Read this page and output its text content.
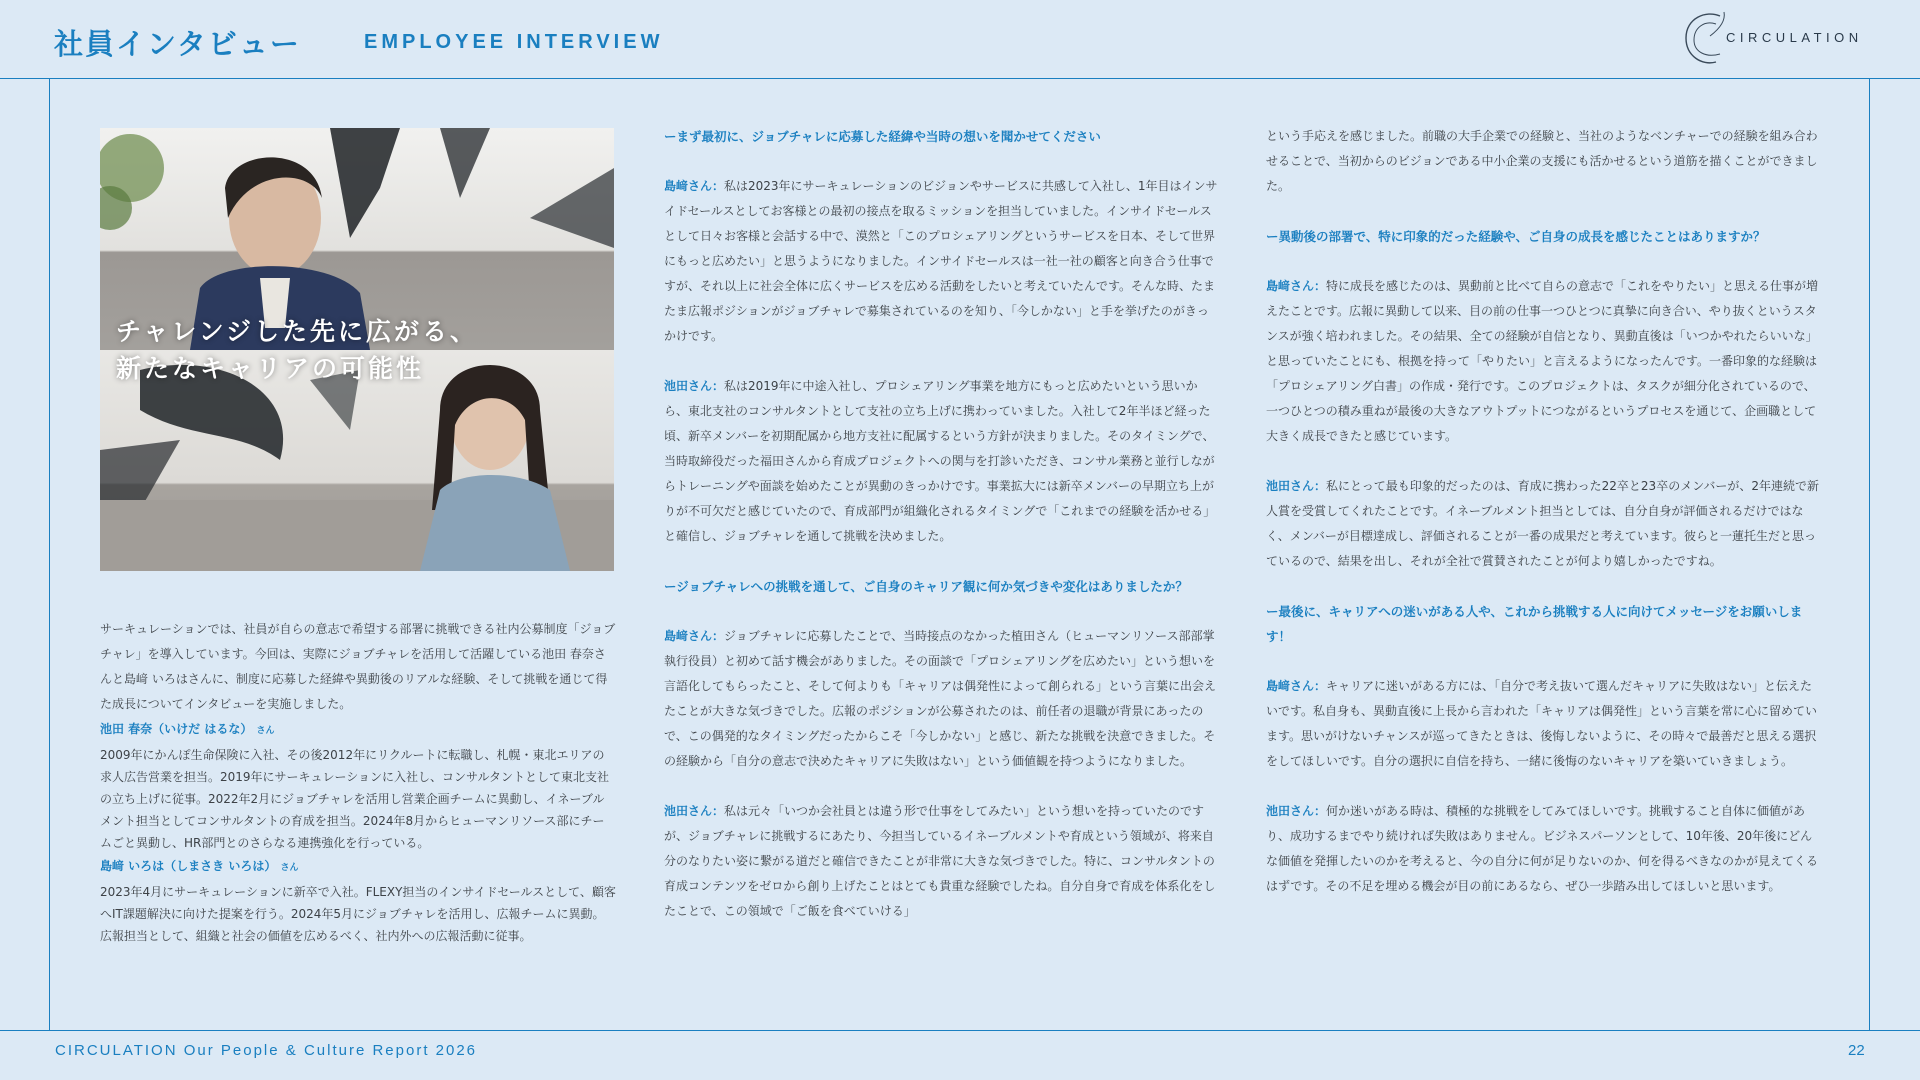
社員インタビュー	EMPLOYEE INTERVIEW	CIRCULATION
チャレンジした先に広がる、
新たなキャリアの可能性

サーキュレーションでは、社員が自らの意志で希望する部署に挑戦できる社内公募制度「ジョブチャレ」を導入しています。今回は、実際にジョブチャレを活用して活躍している池田 春奈さんと島﨑 いろはさんに、制度に応募した経緯や異動後のリアルな経験、そして挑戦を通じて得た成長についてインタビューを実施しました。

池田 春奈（いけだ はるな） さん

2009年にかんぽ生命保険に入社、その後2012年にリクルートに転職し、札幌・東北エリアの求人広告営業を担当。2019年にサーキュレーションに入社し、コンサルタントとして東北支社の立ち上げに従事。2022年2月にジョブチャレを活用し営業企画チームに異動し、イネーブルメント担当としてコンサルタントの育成を担当。2024年8月からヒューマンリソース部にチームごと異動し、HR部門とのさらなる連携強化を行っている。

島﨑 いろは（しまさき いろは） さん

2023年4月にサーキュレーションに新卒で入社。FLEXY担当のインサイドセールスとして、顧客へIT課題解決に向けた提案を行う。2024年5月にジョブチャレを活用し、広報チームに異動。広報担当として、組織と社会の価値を広めるべく、社内外への広報活動に従事。

ーまず最初に、ジョブチャレに応募した経緯や当時の想いを聞かせてください

島﨑さん：私は2023年にサーキュレーションのビジョンやサービスに共感して入社し、1年目はインサイドセールスとしてお客様との最初の接点を取るミッションを担当していました。インサイドセールスとして日々お客様と会話する中で、漠然と「このプロシェアリングというサービスを日本、そして世界にもっと広めたい」と思うようになりました。インサイドセールスは一社一社の顧客と向き合う仕事ですが、それ以上に社会全体に広くサービスを広める活動をしたいと考えていたんです。そんな時、たまたま広報ポジションがジョブチャレで募集されているのを知り、「今しかない」と手を挙げたのがきっかけです。

池田さん：私は2019年に中途入社し、プロシェアリング事業を地方にもっと広めたいという思いから、東北支社のコンサルタントとして支社の立ち上げに携わっていました。入社して2年半ほど経った頃、新卒メンバーを初期配属から地方支社に配属するという方針が決まりました。そのタイミングで、当時取締役だった福田さんから育成プロジェクトへの関与を打診いただき、コンサル業務と並行しながらトレーニングや面談を始めたことが異動のきっかけです。事業拡大には新卒メンバーの早期立ち上がりが不可欠だと感じていたので、育成部門が組織化されるタイミングで「これまでの経験を活かせる」と確信し、ジョブチャレを通して挑戦を決めました。

ージョブチャレへの挑戦を通して、ご自身のキャリア観に何か気づきや変化はありましたか？

島﨑さん：ジョブチャレに応募したことで、当時接点のなかった植田さん（ヒューマンリソース部部掌執行役員）と初めて話す機会がありました。その面談で「プロシェアリングを広めたい」という想いを言語化してもらったこと、そして何よりも「キャリアは偶発性によって創られる」という言葉に出会えたことが大きな気づきでした。広報のポジションが公募されたのは、前任者の退職が背景にあったので、この偶発的なタイミングだったからこそ「今しかない」と感じ、新たな挑戦を決意できました。その経験から「自分の意志で決めたキャリアに失敗はない」という価値観を持つようになりました。

池田さん：私は元々「いつか会社員とは違う形で仕事をしてみたい」という想いを持っていたのですが、ジョブチャレに挑戦するにあたり、今担当しているイネーブルメントや育成という領域が、将来自分のなりたい姿に繋がる道だと確信できたことが非常に大きな気づきでした。特に、コンサルタントの育成コンテンツをゼロから創り上げたことはとても貴重な経験でしたね。自分自身で育成を体系化をしたことで、この領域で「ご飯を食べていける」

という手応えを感じました。前職の大手企業での経験と、当社のようなベンチャーでの経験を組み合わせることで、当初からのビジョンである中小企業の支援にも活かせるという道筋を描くことができました。

ー異動後の部署で、特に印象的だった経験や、ご自身の成長を感じたことはありますか？

島﨑さん：特に成長を感じたのは、異動前と比べて自らの意志で「これをやりたい」と思える仕事が増えたことです。広報に異動して以来、目の前の仕事一つひとつに真摯に向き合い、やり抜くというスタンスが強く培われました。その結果、全ての経験が自信となり、異動直後は「いつかやれたらいいな」と思っていたことにも、根拠を持って「やりたい」と言えるようになったんです。一番印象的な経験は「プロシェアリング白書」の作成・発行です。このプロジェクトは、タスクが細分化されているので、一つひとつの積み重ねが最後の大きなアウトプットにつながるというプロセスを通じて、企画職として大きく成長できたと感じています。

池田さん：私にとって最も印象的だったのは、育成に携わった22卒と23卒のメンバーが、2年連続で新人賞を受賞してくれたことです。イネーブルメント担当としては、自分自身が評価されるだけではなく、メンバーが目標達成し、評価されることが一番の成果だと考えています。彼らと一蓮托生だと思っているので、結果を出し、それが全社で賞賛されたことが何より嬉しかったですね。

ー最後に、キャリアへの迷いがある人や、これから挑戦する人に向けてメッセージをお願いします！

島﨑さん：キャリアに迷いがある方には、「自分で考え抜いて選んだキャリアに失敗はない」と伝えたいです。私自身も、異動直後に上長から言われた「キャリアは偶発性」という言葉を常に心に留めています。思いがけないチャンスが巡ってきたときは、後悔しないように、その時々で最善だと思える選択をしてほしいです。自分の選択に自信を持ち、一緒に後悔のないキャリアを築いていきましょう。

池田さん：何か迷いがある時は、積極的な挑戦をしてみてほしいです。挑戦すること自体に価値があり、成功するまでやり続ければ失敗はありません。ビジネスパーソンとして、10年後、20年後にどんな価値を発揮したいのかを考えると、今の自分に何が足りないのか、何を得るべきなのかが見えてくるはずです。その不足を埋める機会が目の前にあるなら、ぜひ一歩踏み出してほしいと思います。

CIRCULATION Our People & Culture Report 2026	22
